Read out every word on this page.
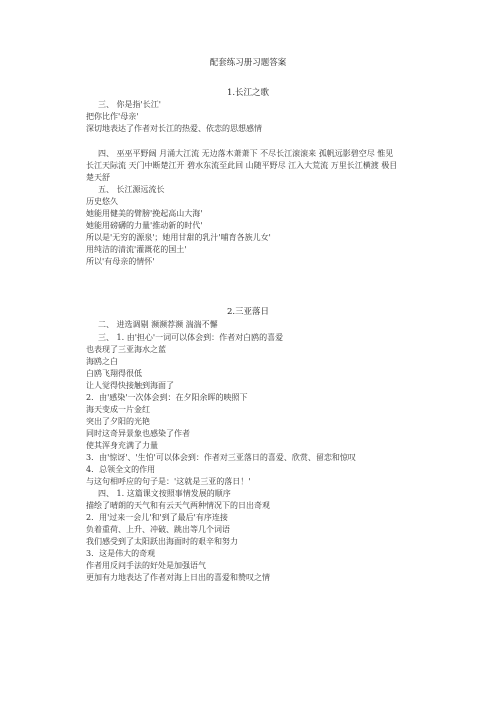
配套练习册习题答案
1.长江之歌
三、 你是指'长江'
把你比作'母亲'
深切地表达了作者对长江的热爱、依恋的思想感情
四、 巫巫平野阔 月涌大江流 无边落木萧萧下 不尽长江滚滚来 孤帆远影碧空尽 惟见
长江天际流 天门中断楚江开 碧水东流至此回 山随平野尽 江入大荒流 万里长江横渡 极目
楚天舒
五、 长江源远流长
历史悠久
她能用健美的臂膀'挽起高山大海'
她能用磅礴的力量'推动新的时代'
所以是'无穷的源泉'；她用甘甜的乳汁'哺育各族儿女'
用纯洁的清流'灌溉花的国土'
所以'有母亲的情怀'
2.三亚落日
二、 进选调剔 濒濒荐濒 湍湍不懈
三、 1. 由'担心'一词可以体会到：作者对白鸥的喜爱
也表现了三亚海水之蓝
海鸥之白
白鸥飞翔得很低
让人觉得快接触到海面了
2．由'感染'一次体会到：在夕阳余晖的映照下
海天变成一片金红
突出了夕阳的光艳
同时这奇异景象也感染了作者
使其浑身充满了力量
3．由'惊讶'、'生怕'可以体会到：作者对三亚落日的喜爱、欣赏、留恋和惊叹
4．总领全文的作用
与这句相呼应的句子是：'这就是三亚的落日！'
四、 1. 这篇课文按照事情发展的顺序
描绘了晴朗的天气和有云天气两种情况下的日出奇观
2．用'过来一会儿'和'到了最后'有序连接
负着重荷、上升、冲破、跳出等几个词语
我们感受到了太阳跃出海面时的艰辛和努力
3．这是伟大的奇观
作者用反问手法的好处是加强语气
更加有力地表达了作者对海上日出的喜爱和赞叹之情
